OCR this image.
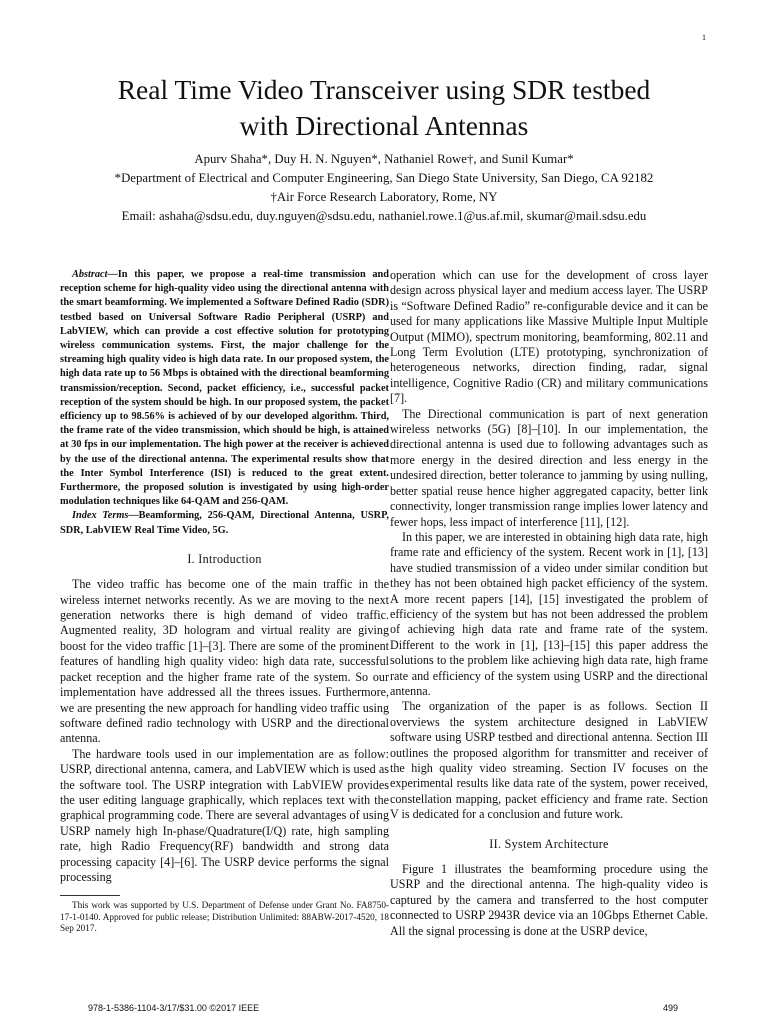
1
Real Time Video Transceiver using SDR testbed
with Directional Antennas
Apurv Shaha*, Duy H. N. Nguyen*, Nathaniel Rowe†, and Sunil Kumar*
*Department of Electrical and Computer Engineering, San Diego State University, San Diego, CA 92182
†Air Force Research Laboratory, Rome, NY
Email: ashaha@sdsu.edu, duy.nguyen@sdsu.edu, nathaniel.rowe.1@us.af.mil, skumar@mail.sdsu.edu

Abstract—In this paper, we propose a real-time transmission and reception scheme for high-quality video using the directional antenna with the smart beamforming. We implemented a Software Defined Radio (SDR) testbed based on Universal Software Radio Peripheral (USRP) and LabVIEW, which can provide a cost effective solution for prototyping wireless communication systems. First, the major challenge for the streaming high quality video is high data rate. In our proposed system, the high data rate up to 56 Mbps is obtained with the directional beamforming transmission/reception. Second, packet efficiency, i.e., successful packet reception of the system should be high. In our proposed system, the packet efficiency up to 98.56% is achieved of by our developed algorithm. Third, the frame rate of the video transmission, which should be high, is attained at 30 fps in our implementation. The high power at the receiver is achieved by the use of the directional antenna. The experimental results show that the Inter Symbol Interference (ISI) is reduced to the great extent. Furthermore, the proposed solution is investigated by using high-order modulation techniques like 64-QAM and 256-QAM.

Index Terms—Beamforming, 256-QAM, Directional Antenna, USRP, SDR, LabVIEW Real Time Video, 5G.

I. Introduction

The video traffic has become one of the main traffic in the wireless internet networks recently. As we are moving to the next generation networks there is high demand of video traffic. Augmented reality, 3D hologram and virtual reality are giving boost for the video traffic [1]–[3]. There are some of the prominent features of handling high quality video: high data rate, successful packet reception and the higher frame rate of the system. So our implementation have addressed all the threes issues. Furthermore, we are presenting the new approach for handling video traffic using software defined radio technology with USRP and the directional antenna.

The hardware tools used in our implementation are as follow: USRP, directional antenna, camera, and LabVIEW which is used as the software tool. The USRP integration with LabVIEW provides the user editing language graphically, which replaces text with the graphical programming code. There are several advantages of using USRP namely high In-phase/Quadrature(I/Q) rate, high sampling rate, high Radio Frequency(RF) bandwidth and strong data processing capacity [4]–[6]. The USRP device performs the signal processing

This work was supported by U.S. Department of Defense under Grant No. FA8750-17-1-0140. Approved for public release; Distribution Unlimited: 88ABW-2017-4520, 18 Sep 2017.

operation which can use for the development of cross layer design across physical layer and medium access layer. The USRP is “Software Defined Radio” re-configurable device and it can be used for many applications like Massive Multiple Input Multiple Output (MIMO), spectrum monitoring, beamforming, 802.11 and Long Term Evolution (LTE) prototyping, synchronization of heterogeneous networks, direction finding, radar, signal intelligence, Cognitive Radio (CR) and military communications [7].

The Directional communication is part of next generation wireless networks (5G) [8]–[10]. In our implementation, the directional antenna is used due to following advantages such as more energy in the desired direction and less energy in the undesired direction, better tolerance to jamming by using nulling, better spatial reuse hence higher aggregated capacity, better link connectivity, longer transmission range implies lower latency and fewer hops, less impact of interference [11], [12].

In this paper, we are interested in obtaining high data rate, high frame rate and efficiency of the system. Recent work in [1], [13] have studied transmission of a video under similar condition but they has not been obtained high packet efficiency of the system. A more recent papers [14], [15] investigated the problem of efficiency of the system but has not been addressed the problem of achieving high data rate and frame rate of the system. Different to the work in [1], [13]–[15] this paper address the solutions to the problem like achieving high data rate, high frame rate and efficiency of the system using USRP and the directional antenna.

The organization of the paper is as follows. Section II overviews the system architecture designed in LabVIEW software using USRP testbed and directional antenna. Section III outlines the proposed algorithm for transmitter and receiver of the high quality video streaming. Section IV focuses on the experimental results like data rate of the system, power received, constellation mapping, packet efficiency and frame rate. Section V is dedicated for a conclusion and future work.

II. System Architecture

Figure 1 illustrates the beamforming procedure using the USRP and the directional antenna. The high-quality video is captured by the camera and transferred to the host computer connected to USRP 2943R device via an 10Gbps Ethernet Cable. All the signal processing is done at the USRP device,

978-1-5386-1104-3/17/$31.00 ©2017 IEEE	499
